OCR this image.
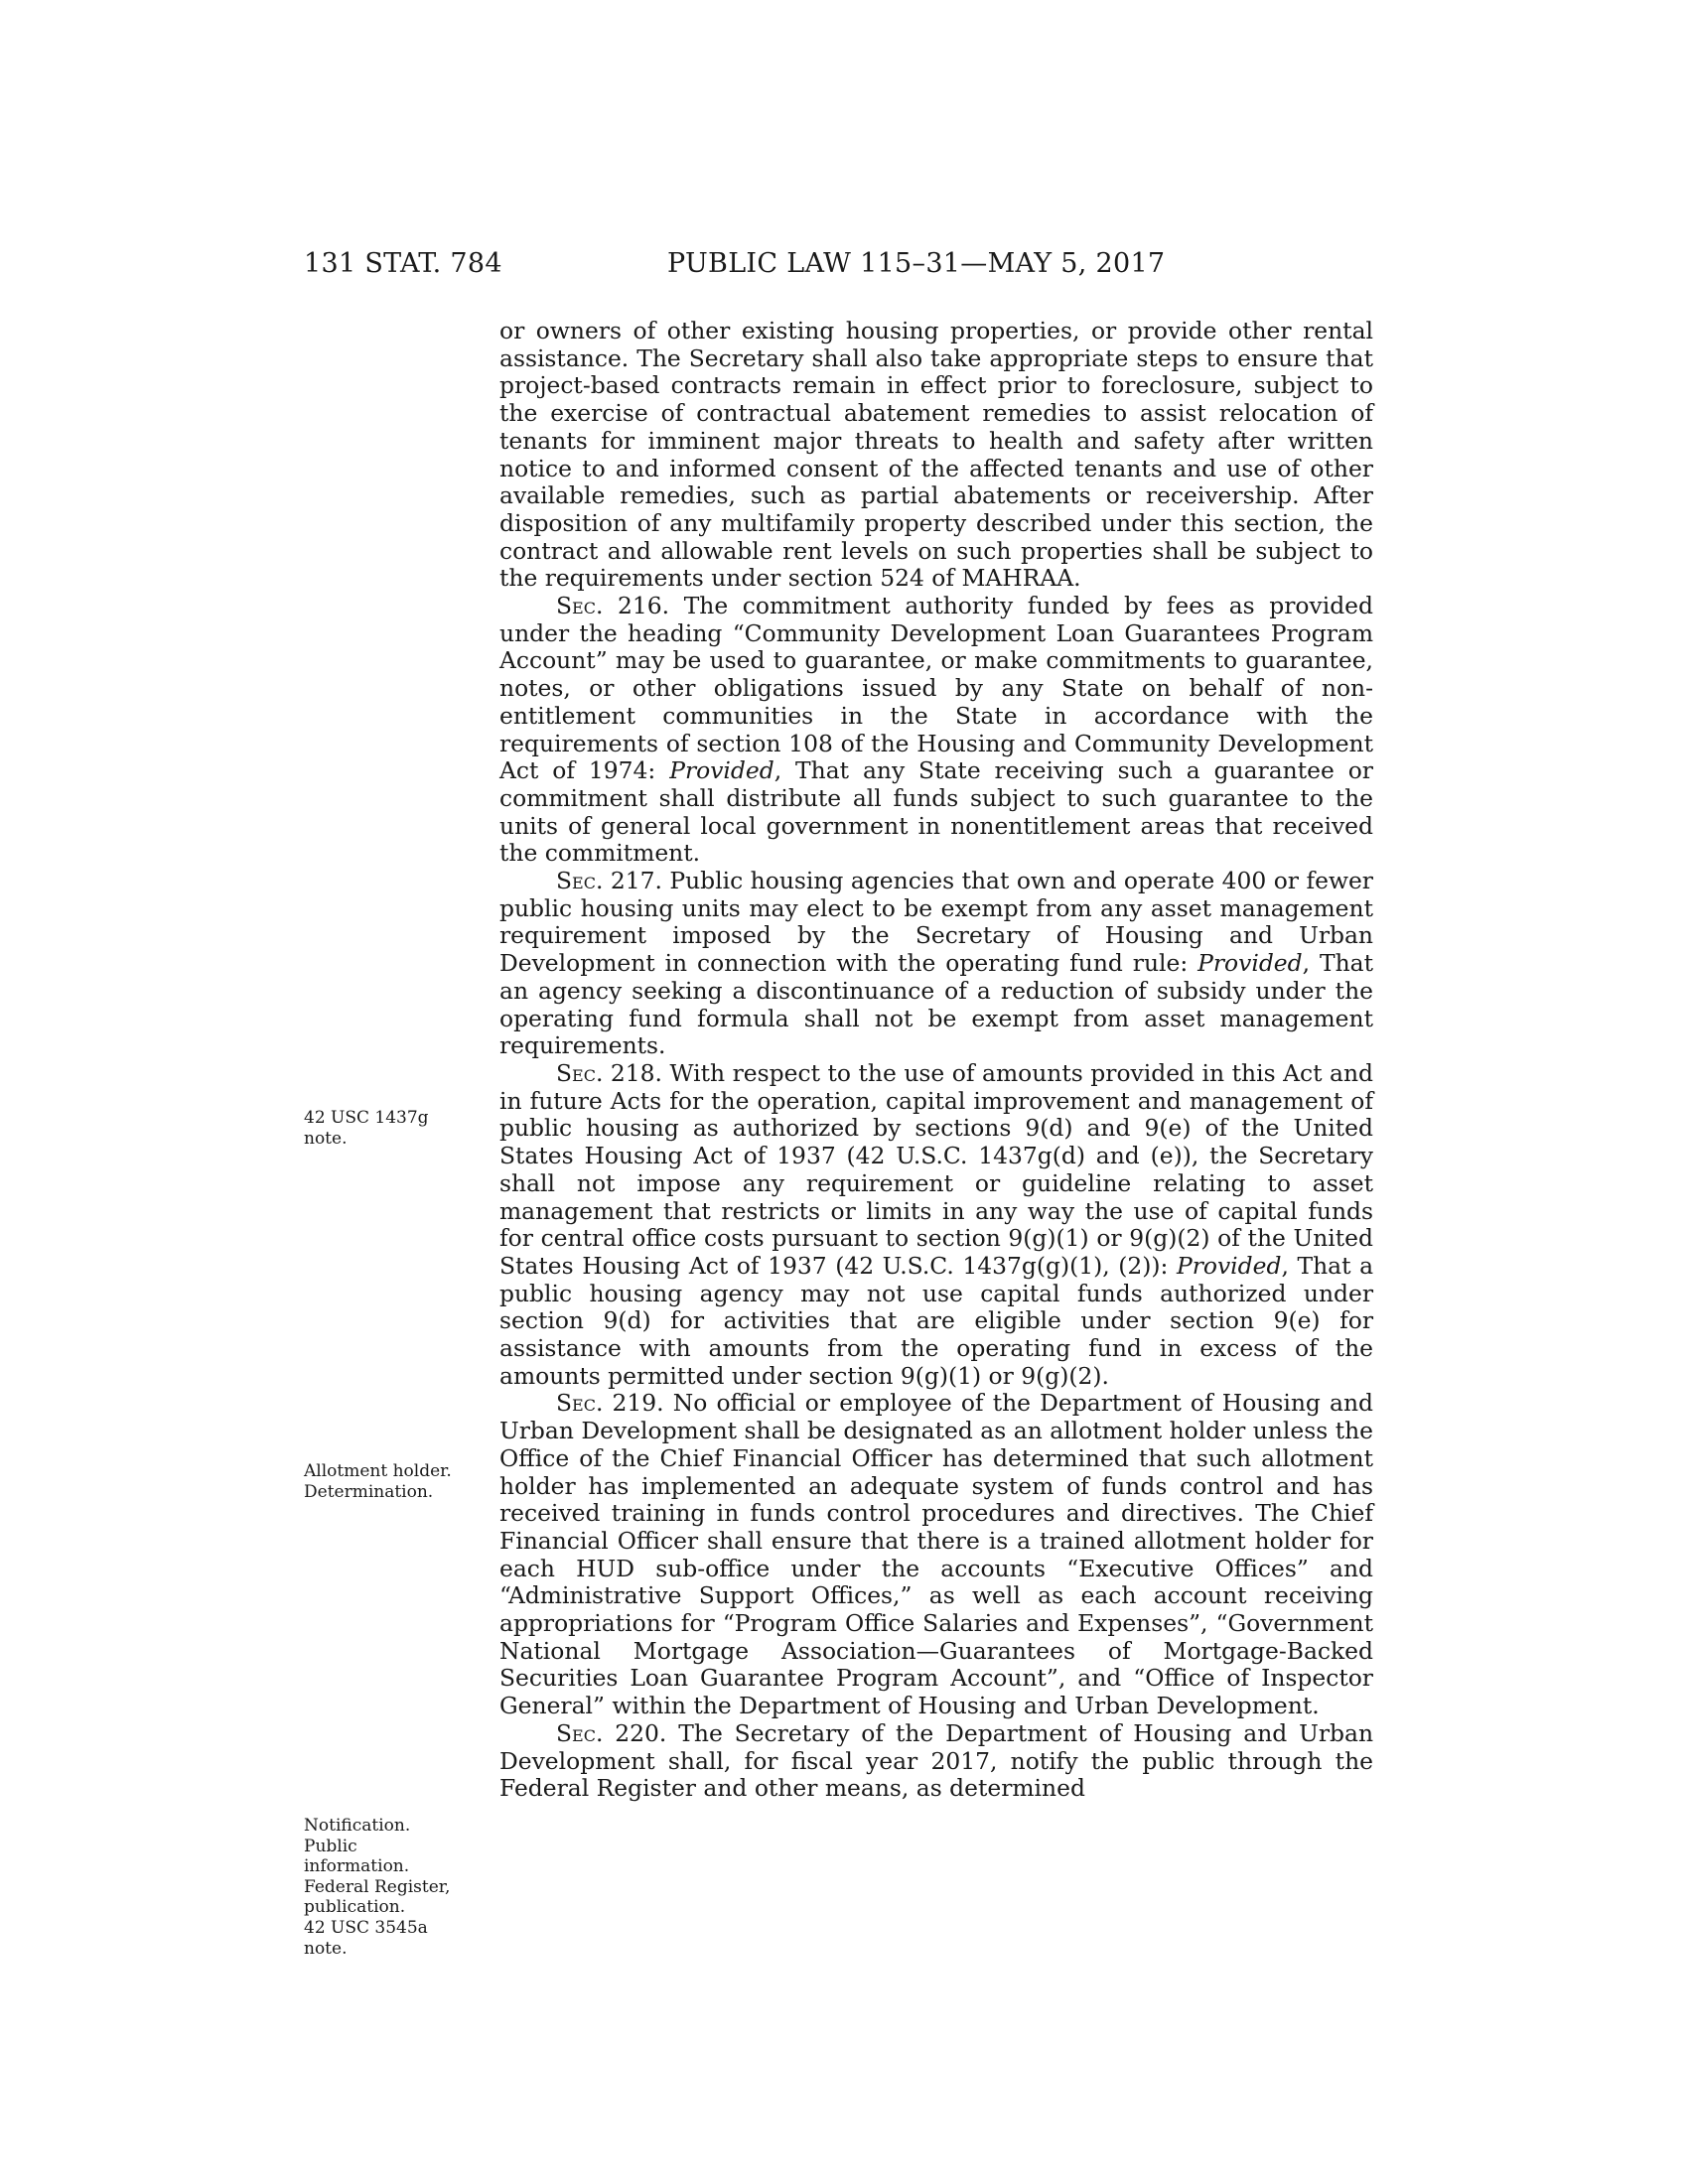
131 STAT. 784	PUBLIC LAW 115–31—MAY 5, 2017
42 USC 1437g
note.
Allotment holder.
Determination.
Notification.
Public
information.
Federal Register,
publication.
42 USC 3545a
note.

or owners of other existing housing properties, or provide other rental assistance. The Secretary shall also take appropriate steps to ensure that project-based contracts remain in effect prior to foreclosure, subject to the exercise of contractual abatement remedies to assist relocation of tenants for imminent major threats to health and safety after written notice to and informed consent of the affected tenants and use of other available remedies, such as partial abatements or receivership. After disposition of any multifamily property described under this section, the contract and allowable rent levels on such properties shall be subject to the requirements under section 524 of MAHRAA.

Sec. 216. The commitment authority funded by fees as provided under the heading “Community Development Loan Guarantees Program Account” may be used to guarantee, or make commitments to guarantee, notes, or other obligations issued by any State on behalf of non-entitlement communities in the State in accordance with the requirements of section 108 of the Housing and Community Development Act of 1974: Provided, That any State receiving such a guarantee or commitment shall distribute all funds subject to such guarantee to the units of general local government in nonentitlement areas that received the commitment.

Sec. 217. Public housing agencies that own and operate 400 or fewer public housing units may elect to be exempt from any asset management requirement imposed by the Secretary of Housing and Urban Development in connection with the operating fund rule: Provided, That an agency seeking a discontinuance of a reduction of subsidy under the operating fund formula shall not be exempt from asset management requirements.

Sec. 218. With respect to the use of amounts provided in this Act and in future Acts for the operation, capital improvement and management of public housing as authorized by sections 9(d) and 9(e) of the United States Housing Act of 1937 (42 U.S.C. 1437g(d) and (e)), the Secretary shall not impose any requirement or guideline relating to asset management that restricts or limits in any way the use of capital funds for central office costs pursuant to section 9(g)(1) or 9(g)(2) of the United States Housing Act of 1937 (42 U.S.C. 1437g(g)(1), (2)): Provided, That a public housing agency may not use capital funds authorized under section 9(d) for activities that are eligible under section 9(e) for assistance with amounts from the operating fund in excess of the amounts permitted under section 9(g)(1) or 9(g)(2).

Sec. 219. No official or employee of the Department of Housing and Urban Development shall be designated as an allotment holder unless the Office of the Chief Financial Officer has determined that such allotment holder has implemented an adequate system of funds control and has received training in funds control procedures and directives. The Chief Financial Officer shall ensure that there is a trained allotment holder for each HUD sub-office under the accounts “Executive Offices” and “Administrative Support Offices,” as well as each account receiving appropriations for “Program Office Salaries and Expenses”, “Government National Mortgage Association—Guarantees of Mortgage-Backed Securities Loan Guarantee Program Account”, and “Office of Inspector General” within the Department of Housing and Urban Development.

Sec. 220. The Secretary of the Department of Housing and Urban Development shall, for fiscal year 2017, notify the public through the Federal Register and other means, as determined
